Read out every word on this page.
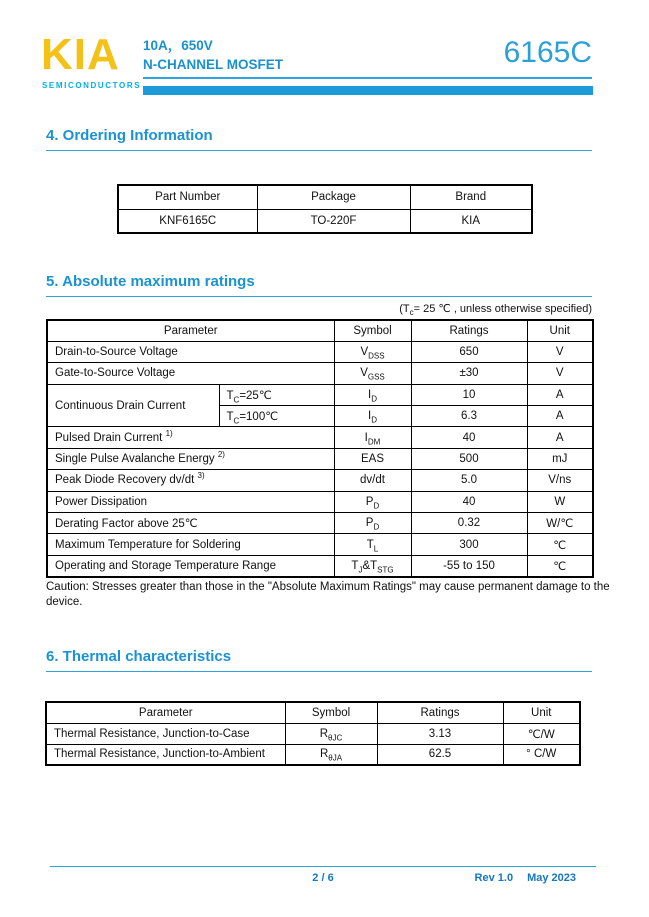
KIA
SEMICONDUCTORS
10A，650V
N-CHANNEL MOSFET	6165C
4. Ordering Information
Part Number	Package	Brand
KNF6165C	TO-220F	KIA
5. Absolute maximum ratings
($T_c= 25$ ℃ , unless otherwise specified)
Parameter		Symbol	Ratings	Unit
Drain-to-Source Voltage		$V_{DSS}$	650	V
Gate-to-Source Voltage		$V_{GSS}$	±30	V
Continuous Drain Current	$T_C=25℃$	$I_D$	10	A
	$T_C=100℃$	$I_D$	6.3	A
Pulsed Drain Current $^{1)}$		$I_{DM}$	40	A
Single Pulse Avalanche Energy $^{2)}$		EAS	500	mJ
Peak Diode Recovery dv/dt $^{3)}$		dv/dt	5.0	V/ns
Power Dissipation		$P_D$	40	W
Derating Factor above 25℃		$P_D$	0.32	W/℃
Maximum Temperature for Soldering		$T_L$	300	℃
Operating and Storage Temperature Range		$T_J\&T_{STG}$	-55 to 150	℃
Caution: Stresses greater than those in the "Absolute Maximum Ratings" may cause permanent damage to the device.
6. Thermal characteristics
Parameter	Symbol	Ratings	Unit
Thermal Resistance, Junction-to-Case	$R_{\theta JC}$	3.13	℃/W
Thermal Resistance, Junction-to-Ambient	$R_{\theta JA}$	62.5	° C/W
2 / 6	Rev 1.0 May 2023
